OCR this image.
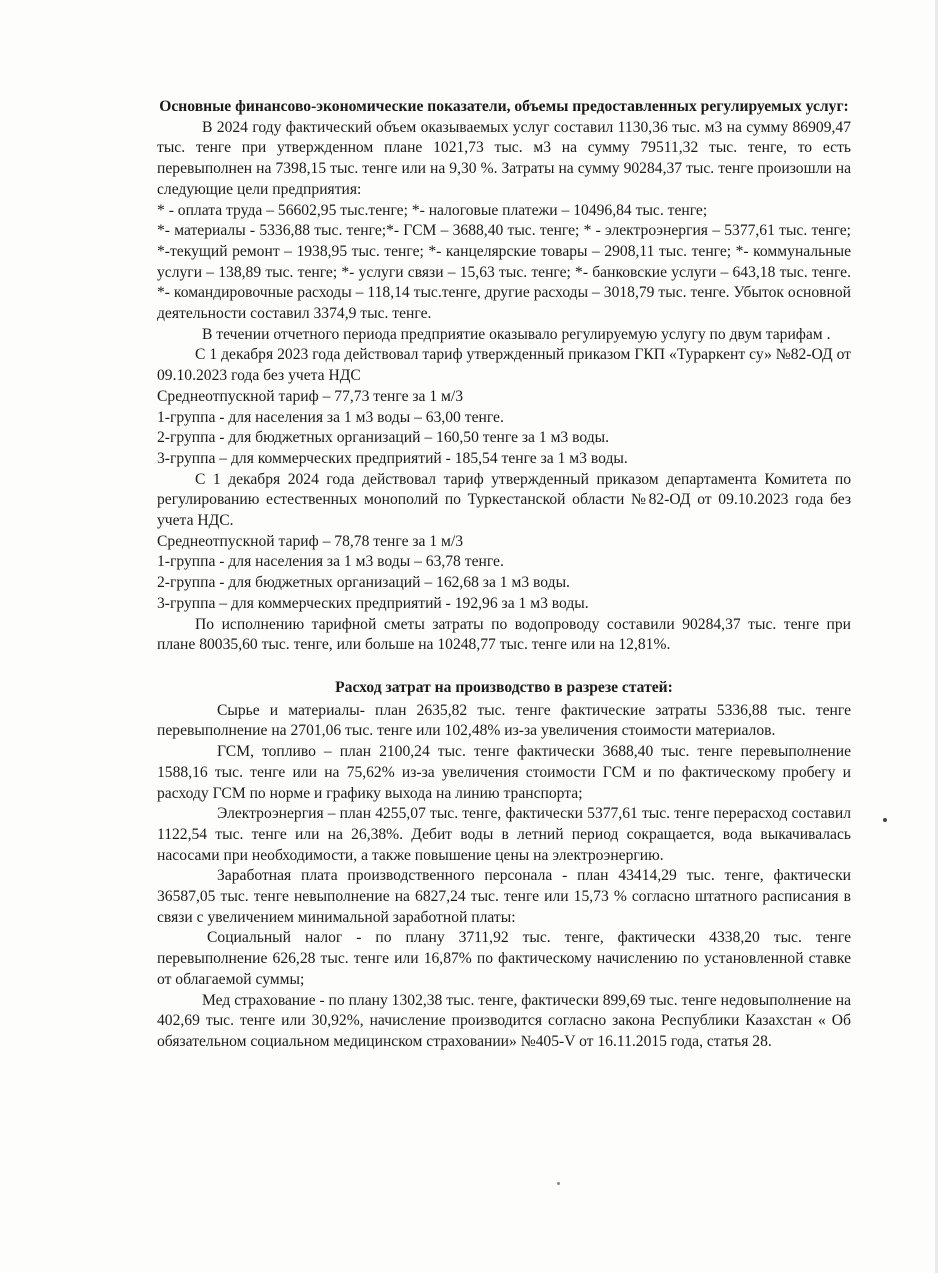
Основные финансово-экономические показатели, объемы предоставленных регулируемых услуг:

В 2024 году фактический объем оказываемых услуг составил 1130,36 тыс. м3 на сумму 86909,47 тыс. тенге при утвержденном плане 1021,73 тыс. м3 на сумму 79511,32 тыс. тенге, то есть перевыполнен на 7398,15 тыс. тенге или на 9,30 %. Затраты на сумму 90284,37 тыс. тенге произошли на следующие цели предприятия:

* - оплата труда – 56602,95 тыс.тенге; *- налоговые платежи – 10496,84 тыс. тенге;

*- материалы - 5336,88 тыс. тенге;*- ГСМ – 3688,40 тыс. тенге; * - электроэнергия – 5377,61 тыс. тенге; *-текущий ремонт – 1938,95 тыс. тенге; *- канцелярские товары – 2908,11 тыс. тенге; *- коммунальные услуги – 138,89 тыс. тенге; *- услуги связи – 15,63 тыс. тенге; *- банковские услуги – 643,18 тыс. тенге. *- командировочные расходы – 118,14 тыс.тенге, другие расходы – 3018,79 тыс. тенге. Убыток основной деятельности составил 3374,9 тыс. тенге.

В течении отчетного периода предприятие оказывало регулируемую услугу по двум тарифам .

С 1 декабря 2023 года действовал тариф утвержденный приказом ГКП «Тураркент су» №82-ОД от 09.10.2023 года без учета НДС

Среднеотпускной тариф – 77,73 тенге за 1 м/3

1-группа - для населения за 1 м3 воды – 63,00 тенге.

2-группа - для бюджетных организаций – 160,50 тенге за 1 м3 воды.

3-группа – для коммерческих предприятий - 185,54 тенге за 1 м3 воды.

С 1 декабря 2024 года действовал тариф утвержденный приказом департамента Комитета по регулированию естественных монополий по Туркестанской области №82-ОД от 09.10.2023 года без учета НДС.

Среднеотпускной тариф – 78,78 тенге за 1 м/3

1-группа - для населения за 1 м3 воды – 63,78 тенге.

2-группа - для бюджетных организаций – 162,68 за 1 м3 воды.

3-группа – для коммерческих предприятий - 192,96 за 1 м3 воды.

По исполнению тарифной сметы затраты по водопроводу составили 90284,37 тыс. тенге при плане 80035,60 тыс. тенге, или больше на 10248,77 тыс. тенге или на 12,81%.

Расход затрат на производство в разрезе статей:

Сырье и материалы- план 2635,82 тыс. тенге фактические затраты 5336,88 тыс. тенге перевыполнение на 2701,06 тыс. тенге или 102,48% из-за увеличения стоимости материалов.

ГСМ, топливо – план 2100,24 тыс. тенге фактически 3688,40 тыс. тенге перевыполнение 1588,16 тыс. тенге или на 75,62% из-за увеличения стоимости ГСМ и по фактическому пробегу и расходу ГСМ по норме и графику выхода на линию транспорта;

Электроэнергия – план 4255,07 тыс. тенге, фактически 5377,61 тыс. тенге перерасход составил 1122,54 тыс. тенге или на 26,38%. Дебит воды в летний период сокращается, вода выкачивалась насосами при необходимости, а также повышение цены на электроэнергию.

Заработная плата производственного персонала - план 43414,29 тыс. тенге, фактически 36587,05 тыс. тенге невыполнение на 6827,24 тыс. тенге или 15,73 % согласно штатного расписания в связи с увеличением минимальной заработной платы:

Социальный налог - по плану 3711,92 тыс. тенге, фактически 4338,20 тыс. тенге перевыполнение 626,28 тыс. тенге или 16,87% по фактическому начислению по установленной ставке от облагаемой суммы;

Мед страхование - по плану 1302,38 тыс. тенге, фактически 899,69 тыс. тенге недовыполнение на 402,69 тыс. тенге или 30,92%, начисление производится согласно закона Республики Казахстан « Об обязательном социальном медицинском страховании» №405-V от 16.11.2015 года, статья 28.
